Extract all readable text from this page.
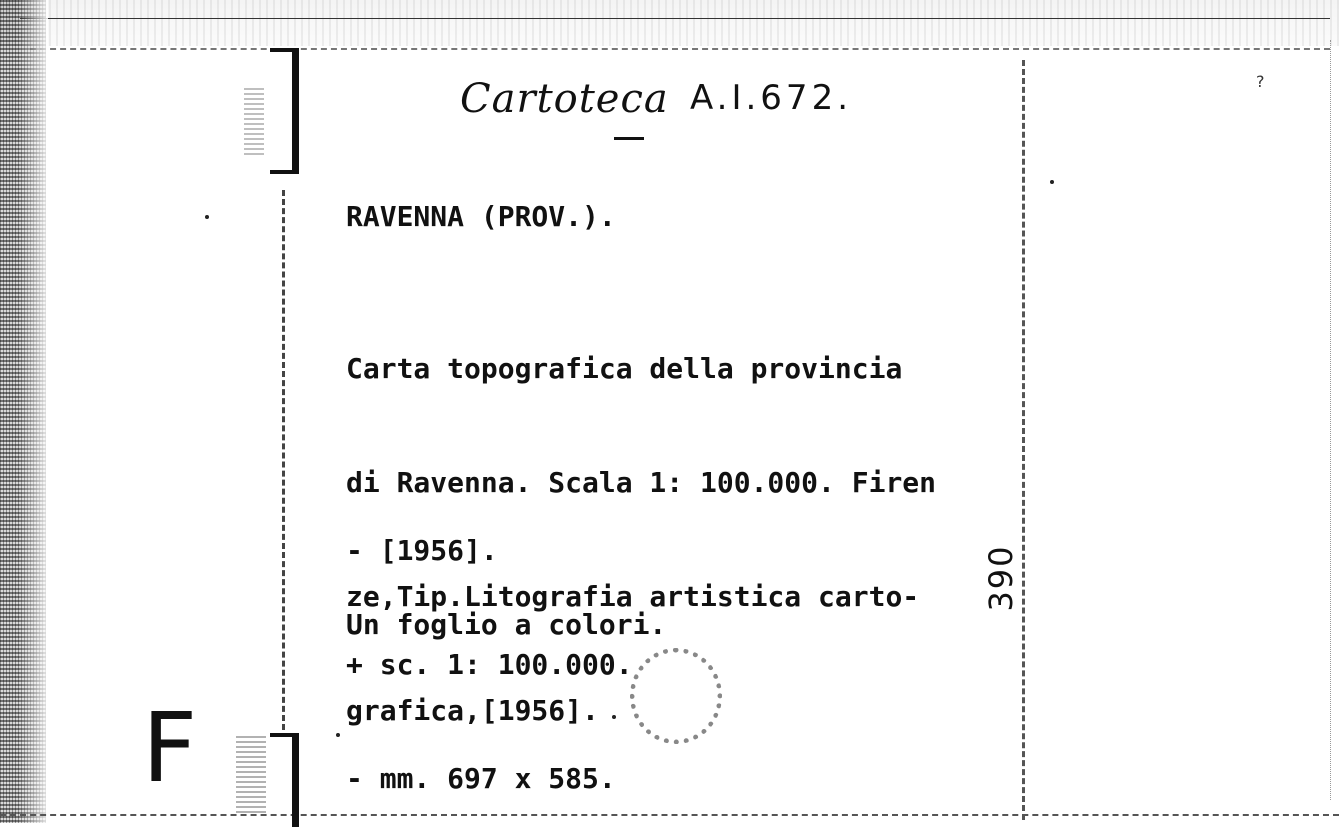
Cartoteca A.I.672.
RAVENNA (PROV.).

Carta topografica della provincia

di Ravenna. Scala 1: 100.000. Firen

ze,Tip.Litografia artistica carto-

grafica,[1956].

- [1956].

+ sc. 1: 100.000.

- mm. 697 x 585.

Un foglio a colori.
390
F
?
